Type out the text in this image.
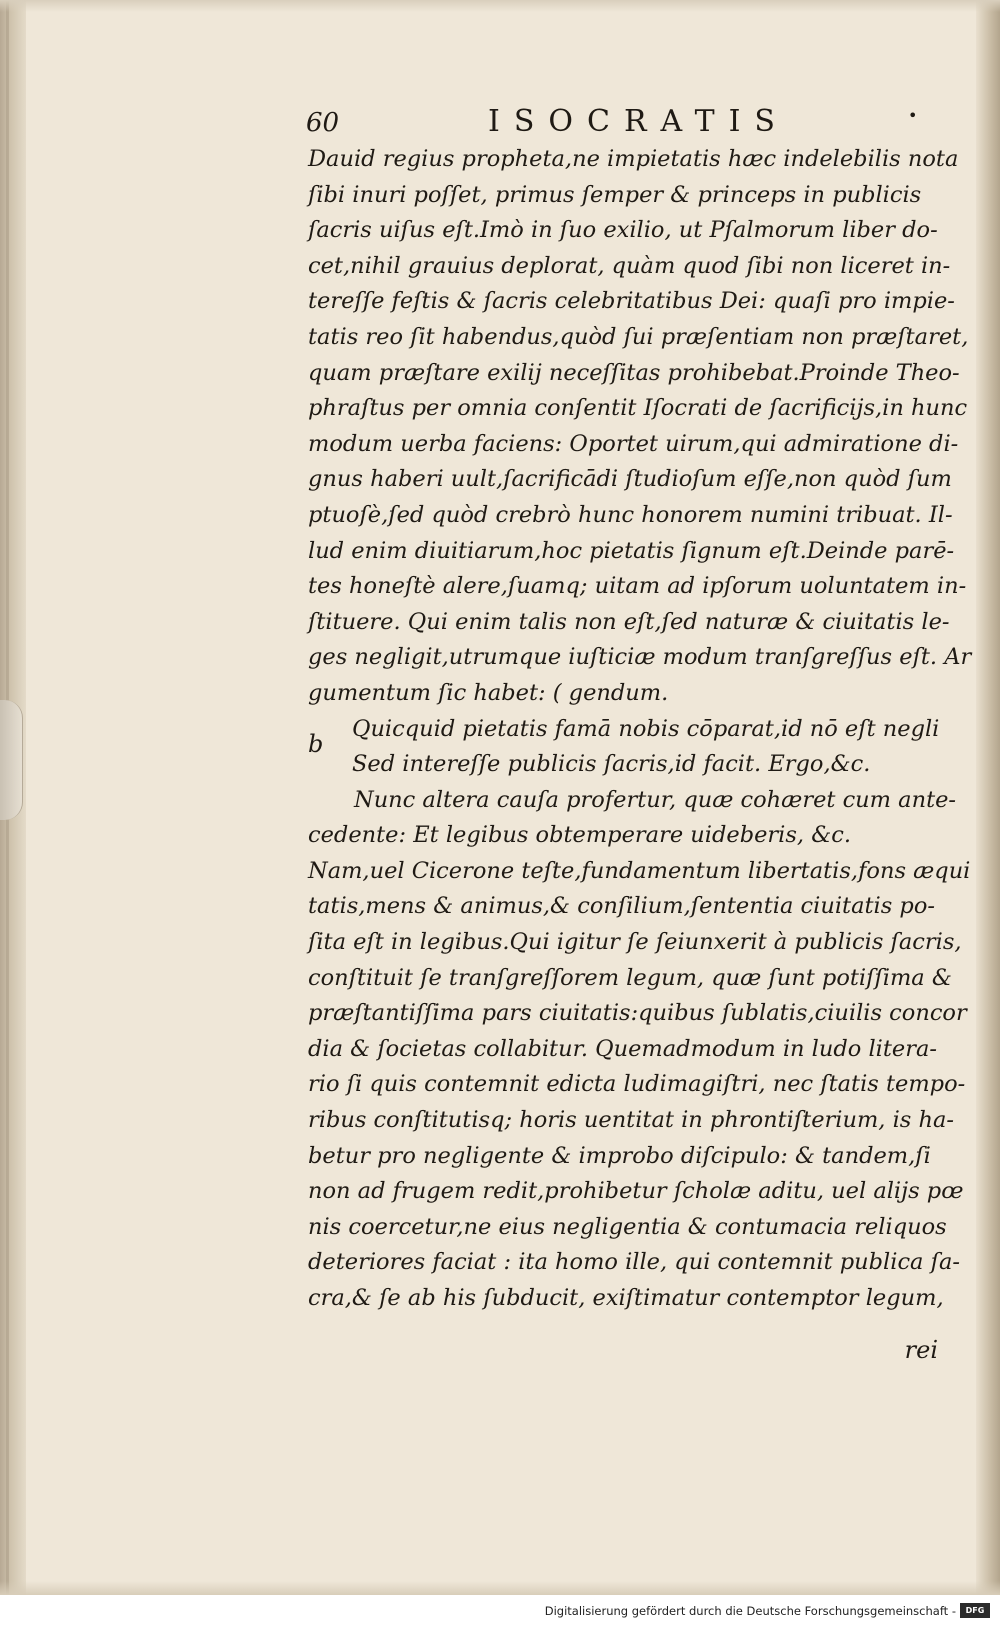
60	ISOCRATIS	•
b
Dauid regius propheta,ne impietatis hæc indelebilis nota
ſibi inuri poſſet, primus ſemper & princeps in publicis
ſacris uiſus eſt.Imò in ſuo exilio, ut Pſalmorum liber do-
cet,nihil grauius deplorat, quàm quod ſibi non liceret in-
tereſſe feſtis & ſacris celebritatibus Dei: quaſi pro impie-
tatis reo ſit habendus,quòd ſui præſentiam non præſtaret,
quam præſtare exilij neceſſitas prohibebat.Proinde Theo-
phraſtus per omnia conſentit Iſocrati de ſacrificijs,in hunc
modum uerba faciens: Oportet uirum,qui admiratione di-
gnus haberi uult,ſacrificādi ſtudioſum eſſe,non quòd ſum
ptuoſè,ſed quòd crebrò hunc honorem numini tribuat. Il-
lud enim diuitiarum,hoc pietatis ſignum eſt.Deinde parē-
tes honeſtè alere,ſuamq; uitam ad ipſorum uoluntatem in-
ſtituere. Qui enim talis non eſt,ſed naturæ & ciuitatis le-
ges negligit,utrumque iuſticiæ modum tranſgreſſus eſt. Ar
gumentum ſic habet: ( gendum.
Quicquid pietatis famā nobis cōparat,id nō eſt negli
Sed intereſſe publicis ſacris,id facit. Ergo,&c.
Nunc altera cauſa profertur, quæ cohæret cum ante-
cedente: Et legibus obtemperare uideberis, &c.
Nam,uel Cicerone teſte,fundamentum libertatis,fons æqui
tatis,mens & animus,& conſilium,ſententia ciuitatis po-
ſita eſt in legibus.Qui igitur ſe ſeiunxerit à publicis ſacris,
conſtituit ſe tranſgreſſorem legum, quæ ſunt potiſſima &
præſtantiſſima pars ciuitatis:quibus ſublatis,ciuilis concor
dia & ſocietas collabitur. Quemadmodum in ludo litera-
rio ſi quis contemnit edicta ludimagiſtri, nec ſtatis tempo-
ribus conſtitutisq; horis uentitat in phrontiſterium, is ha-
betur pro negligente & improbo diſcipulo: & tandem,ſi
non ad frugem redit,prohibetur ſcholæ aditu, uel alijs pœ
nis coercetur,ne eius negligentia & contumacia reliquos
deteriores faciat : ita homo ille, qui contemnit publica ſa-
cra,& ſe ab his ſubducit, exiſtimatur contemptor legum,
rei
Digitalisierung gefördert durch die Deutsche Forschungsgemeinschaft -	DFG
